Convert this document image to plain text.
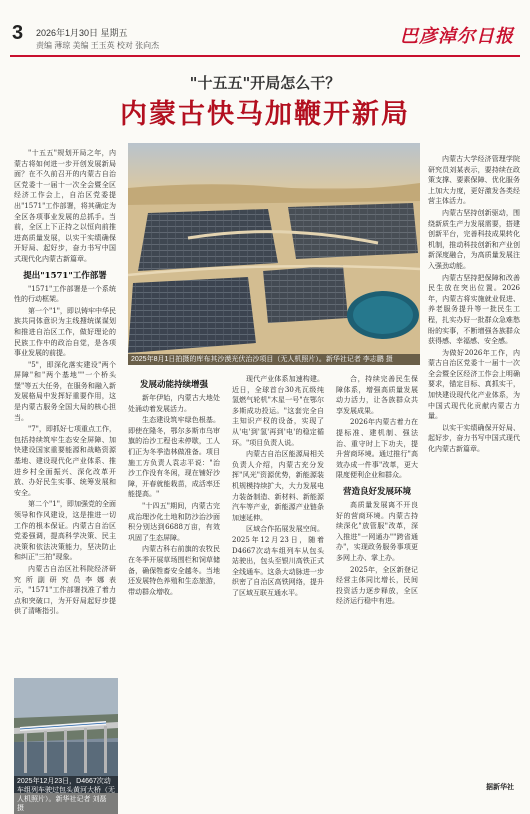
3 2026年1月30日 星期五
责编 薄琼 美编 王玉英 校对 张向杰	巴彦淖尔日报
"十五五"开局怎么干？
内蒙古快马加鞭开新局

"十五五"规划开局之年，内蒙古将如何进一步开创发展新局面？在不久前召开的内蒙古自治区党委十一届十一次全会暨全区经济工作会上，自治区党委提出"1571"工作部署，将其确定为全区各项事业发展的总抓手。当前，全区上下正持之以恒向前推进高质量发展，以实干实绩确保开好局、起好步，奋力书写中国式现代化内蒙古新篇章。

提出"1571"工作部署

"1571"工作部署是一个系统性的行动框架。

第一个"1"，即以铸牢中华民族共同体意识为主线搜统谋谋划和推进自治区工作，做好理论的民族工作中的政治自觉，是各项事业发展的前提。

"5"，即深化落实建设"两个屏障"和"两个基地""一个桥头堡"等五大任务，在服务和融入新发展格局中发挥好重要作用，这是内蒙古服务全国大局的核心担当。

"7"，即抓好七项重点工作，包括持续筑牢生态安全屏障、加快建设国家重要能源和战略资源基地、建设现代化产业体系、推进乡村全面振兴、深化改革开放、办好民生实事、统筹发展和安全。

第二个"1"，即加强党的全面领导和作风建设，这是推进一切工作的根本保证。内蒙古自治区党委强调，提高科学决策、民主决策和依法决策能力，坚决防止和纠正"三拍"现象。

内蒙古自治区社科院经济研究所副研究员李娜表示，"1571"工作部署找准了着力点和突破口，为开好局起好步提供了清晰指引。

2025年8月1日拍摄的库布其沙漠光伏治沙项目（无人机照片）。新华社记者 李志鹏 摄
发展动能持续增强

新年伊始，内蒙古大地处处涌动着发展活力。

生态建设筑牢绿色根基。即使在隆冬，鄂尔多斯市乌审旗的治沙工程也未停歇，工人们正为冬季造林做准备。项目施工方负责人袁志平说："治沙工作没有冬闲，现在铺好沙障，开春就能栽苗，成活率还能提高。"

"十四五"期间，内蒙古完成治理沙化土地和防沙治沙面积分别达到6688万亩，有效巩固了生态屏障。

内蒙古科右前旗的农牧民在冬季开展草场围栏和饲草储备，确保牲畜安全越冬。当地还发展特色养殖和生态旅游，带动群众增收。

现代产业体系加速构建。近日，全球首台30兆瓦级纯氢燃气轮机"木星一号"在鄂尔多斯成功投运。"这套完全自主知识产权的设备，实现了从'电'到'氢'再到'电'的稳定循环。"项目负责人说。

内蒙古自治区能源局相关负责人介绍，内蒙古充分发挥"风光"资源优势，新能源装机规模持续扩大，大力发展电力装备制造、新材料、新能源汽车等产业，新能源产业链条加速延伸。

区域合作拓展发展空间。2025年12月23日，随着D4667次动车组列车从包头站驶出，包头至银川高铁正式全线通车。这条大动脉进一步织密了自治区高铁网络，提升了区域互联互通水平。

合，持续完善民生保障体系，增强高质量发展动力活力，让各族群众共享发展成果。

2026年内蒙古着力在提标准、建机制、强法治、重守时上下功夫，提升营商环境。通过推行"高效办成一件事"改革，更大限度便利企业和群众。

营造良好发展环境

高质量发展离不开良好的营商环境。内蒙古持续深化"放管服"改革，深入推进"一网通办""跨省通办"，实现政务服务事项更多网上办、掌上办。

2025年，全区新登记经营主体同比增长，民间投资活力逐步释放，全区经济运行稳中有进。

内蒙古大学经济管理学院研究员刘某表示，要持续在政策支撑、要素保障、优化服务上加大力度，更好激发各类经营主体活力。

内蒙古坚持创新驱动，围绕新质生产力发展需要，搭建创新平台，完善科技成果转化机制，推动科技创新和产业创新深度融合，为高质量发展注入强劲动能。

内蒙古坚持把保障和改善民生放在突出位置。2026年，内蒙古将实施就业促进、养老服务提升等一批民生工程，扎实办好一批群众急难愁盼的实事，不断增强各族群众获得感、幸福感、安全感。

为做好2026年工作，内蒙古自治区党委十一届十一次全会暨全区经济工作会上明确要求，锚定目标、真抓实干，加快建设现代化产业体系，为中国式现代化贡献内蒙古力量。

以实干实绩确保开好局、起好步，奋力书写中国式现代化内蒙古新篇章。

2025年12月23日，D4667次动车组列车驶过包头黄河大桥（无人机照片）。新华社记者 刘磊 摄
据新华社
